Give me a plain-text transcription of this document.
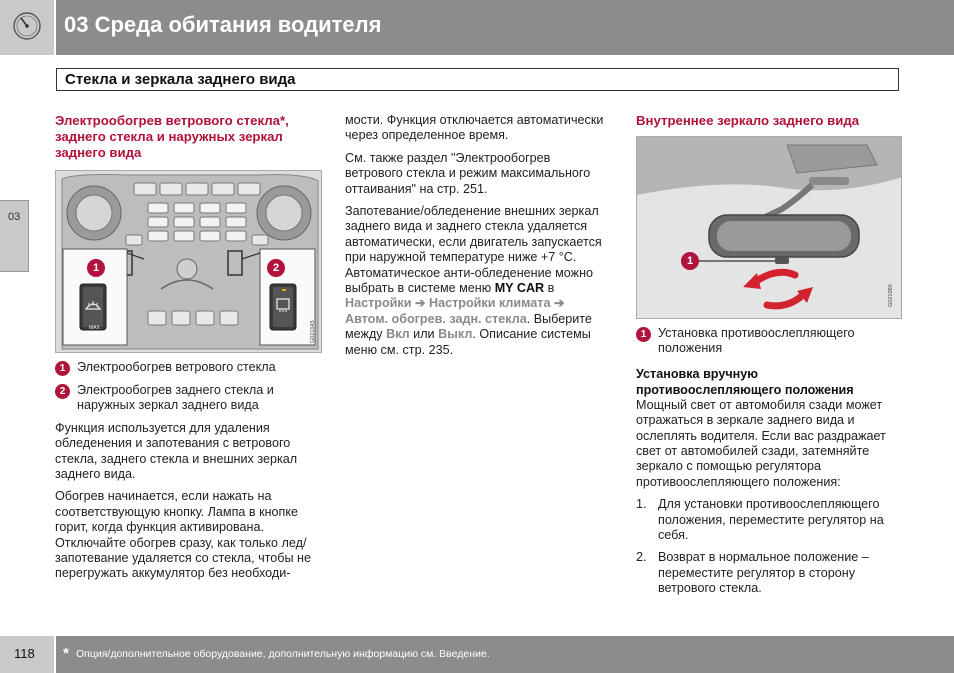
03 Среда обитания водителя
Стекла и зеркала заднего вида
03
Электрообогрев ветрового стекла*, заднего стекла и наружных зеркал заднего вида
1	2
MAX	G021045
1 Электрообогрев ветрового стекла
2 Электрообогрев заднего стекла и наружных зеркал заднего вида
Функция используется для удаления обледенения и запотевания с ветрового стекла, заднего стекла и внешних зеркал заднего вида.
Обогрев начинается, если нажать на соответствующую кнопку. Лампа в кнопке горит, когда функция активирована. Отключайте обогрев сразу, как только лед/запотевание удаляется со стекла, чтобы не перегружать аккумулятор без необходи-
мости. Функция отключается автоматически через определенное время.
См. также раздел "Электрообогрев ветрового стекла и режим максимального оттаивания" на стр. 251.
Запотевание/обледенение внешних зеркал заднего вида и заднего стекла удаляется автоматически, если двигатель запускается при наружной температуре ниже +7 °C. Автоматическое анти-обледенение можно выбрать в системе меню MY CAR в Настройки ➔ Настройки климата ➔ Автом. обогрев. задн. стекла. Выберите между Вкл или Выкл. Описание системы меню см. стр. 235.
Внутреннее зеркало заднего вида
1
G021060
1 Установка противоослепляющего положения
Установка вручную противоослепляющего положения
Мощный свет от автомобиля сзади может отражаться в зеркале заднего вида и ослеплять водителя. Если вас раздражает свет от автомобилей сзади, затемняйте зеркало с помощью регулятора противоослепляющего положения:
1. Для установки противоослепляющего положения, переместите регулятор на себя.
2. Возврат в нормальное положение – переместите регулятор в сторону ветрового стекла.
118 * Опция/дополнительное оборудование, дополнительную информацию см. Введение.
